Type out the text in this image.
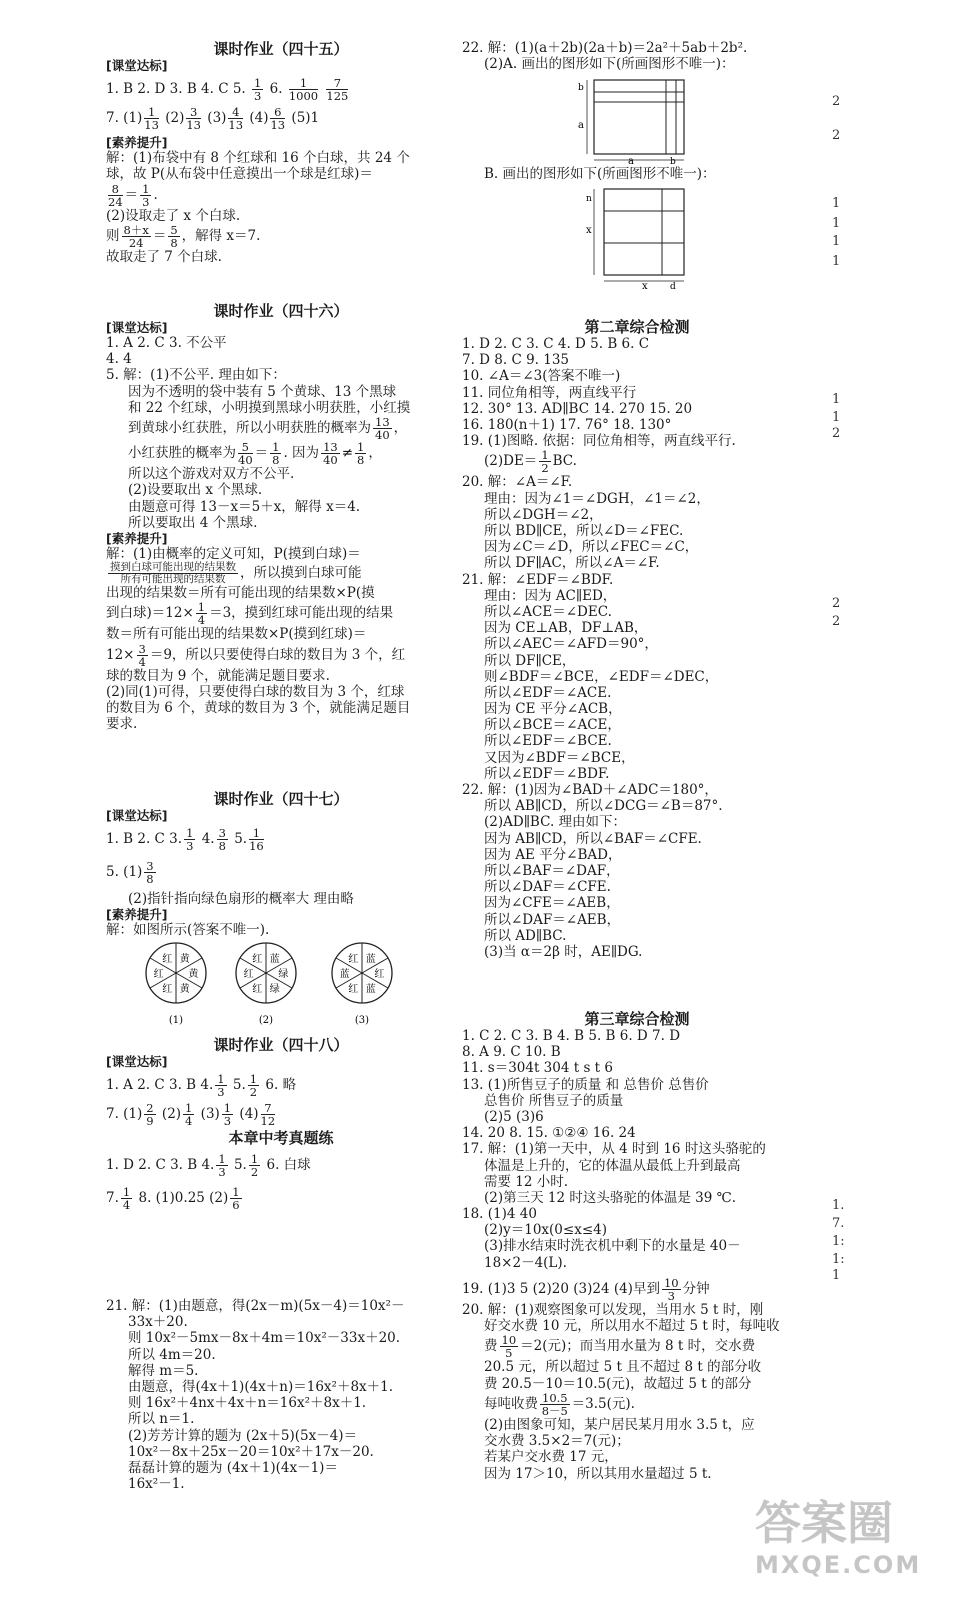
课时作业（四十五）

[课堂达标]

1. B 2. D 3. B 4. C 5. $\frac{1}{3} 6$. $\frac{1}{1000}$
$\frac{7}{125}$

7. $(1) \frac{1}{13} (2) \frac{3}{13} (3) \frac{4}{13} (4) \frac{6}{13} (5)1$

[素养提升]

解：(1)布袋中有 8 个红球和 16 个白球，共 24 个

球，故 P(从布袋中任意摸出一个球是红球)＝

$\frac{8}{24} = \frac{1}{3}$ .

(2)设取走了 x 个白球.

则 $\frac{8+x}{24} = \frac{5}{8}$ ，解得 x＝7.

故取走了 7 个白球.

课时作业（四十六）

[课堂达标]

1. A 2. C 3. 不公平

4. 4

5. 解：(1)不公平. 理由如下：

因为不透明的袋中装有 5 个黄球、13 个黑球

和 22 个红球，小明摸到黑球小明获胜，小红摸

到黄球小红获胜，所以小明获胜的概率为 $\frac{13}{40}$ ，

小红获胜的概率为 $\frac{5}{40} = \frac{1}{8}$ . 因为 $\frac{13}{40} \ne \frac{1}{8}$ ，

所以这个游戏对双方不公平.

(2)设要取出 x 个黑球.

由题意可得 13－x＝5＋x，解得 x＝4.

所以要取出 4 个黑球.

[素养提升]

解：(1)由概率的定义可知，P(摸到白球)＝

$\frac{\text{摸到白球可能出现的结果数}}{\text{所有可能出现的结果数}}$ ，所以摸到白球可能

出现的结果数＝所有可能出现的结果数×P(摸

到白球)$=12\times \frac{1}{4} =3$，摸到红球可能出现的结果

数＝所有可能出现的结果数×P(摸到红球)＝

$12\times \frac{3}{4} =9$，所以只要使得白球的数目为 3 个，红

球的数目为 9 个，就能满足题目要求.

(2)同(1)可得，只要使得白球的数目为 3 个，红球

的数目为 6 个，黄球的数目为 3 个，就能满足题目

要求.

课时作业（四十七）

[课堂达标]

1. B 2. C 3. $\frac{1}{3} 4$. $\frac{3}{8} 5$. $\frac{1}{16}$

5. $(1) \frac{3}{8}$

(2)指针指向绿色扇形的概率大 理由略

[素养提升]

解：如图所示(答案不唯一).

黄
黄
黄
红
红
红
(1)
蓝
绿
绿
红
红
红
(2)
蓝
红
蓝
红
蓝
红
(3)

课时作业（四十八）

[课堂达标]

1. A 2. C 3. B 4. $\frac{1}{3} 5$. $\frac{1}{2} 6$. 略

7. $(1) \frac{2}{9} (2) \frac{1}{4} (3) \frac{1}{3} (4) \frac{7}{12}$

本章中考真题练

1. D 2. C 3. B 4. $\frac{1}{3} 5$. $\frac{1}{2} 6$. 白球

7. $\frac{1}{4} 8$. (1)0.25 $(2) \frac{1}{6}$

21. 解：(1)由题意，得(2x－m)(5x－4)＝10x²－

33x＋20.

则 10x²－5mx－8x＋4m＝10x²－33x＋20.

所以 4m＝20.

解得 m＝5.

由题意，得(4x＋1)(4x＋n)＝16x²＋8x＋1.

则 16x²＋4nx＋4x＋n＝16x²＋8x＋1.

所以 n＝1.

(2)芳芳计算的题为 (2x＋5)(5x－4)＝

10x²－8x＋25x－20＝10x²＋17x－20.

磊磊计算的题为 (4x＋1)(4x－1)＝

16x²－1.

22. 解：(1)(a＋2b)(2a＋b)＝2a²＋5ab＋2b².

(2)A. 画出的图形如下(所画图形不唯一)：

a
b
a	b

B. 画出的图形如下(所画图形不唯一)：

x
n
x d

第二章综合检测

1. D 2. C 3. C 4. D 5. B 6. C

7. D 8. C 9. 135

10. ∠A＝∠3(答案不唯一)

11. 同位角相等，两直线平行

12. 30° 13. AD∥BC 14. 270 15. 20

16. 180(n＋1) 17. 76° 18. 130°

19. (1)图略. 依据：同位角相等，两直线平行.

$(2)DE= \frac{1}{2}$ BC.

20. 解：∠A＝∠F.

理由：因为∠1＝∠DGH，∠1＝∠2，

所以∠DGH＝∠2，

所以 BD∥CE，所以∠D＝∠FEC.

因为∠C＝∠D，所以∠FEC＝∠C，

所以 DF∥AC，所以∠A＝∠F.

21. 解：∠EDF＝∠BDF.

理由：因为 AC∥ED，

所以∠ACE＝∠DEC.

因为 CE⊥AB，DF⊥AB，

所以∠AEC＝∠AFD＝90°，

所以 DF∥CE，

则∠BDF＝∠BCE，∠EDF＝∠DEC，

所以∠EDF＝∠ACE.

因为 CE 平分∠ACB，

所以∠BCE＝∠ACE，

所以∠EDF＝∠BCE.

又因为∠BDF＝∠BCE，

所以∠EDF＝∠BDF.

22. 解：(1)因为∠BAD＋∠ADC＝180°，

所以 AB∥CD，所以∠DCG＝∠B＝87°.

(2)AD∥BC. 理由如下：

因为 AB∥CD，所以∠BAF＝∠CFE.

因为 AE 平分∠BAD，

所以∠BAF＝∠DAF，

所以∠DAF＝∠CFE.

因为∠CFE＝∠AEB，

所以∠DAF＝∠AEB，

所以 AD∥BC.

(3)当 α＝2β 时，AE∥DG.

第三章综合检测

1. C 2. C 3. B 4. B 5. B 6. D 7. D

8. A 9. C 10. B

11. s＝304t 304 t s t 6

13. (1)所售豆子的质量 和 总售价 总售价

总售价 所售豆子的质量

(2)5 (3)6

14. 20 8. 15. ①②④ 16. 24

17. 解：(1)第一天中，从 4 时到 16 时这头骆驼的

体温是上升的，它的体温从最低上升到最高

需要 12 小时.

(2)第三天 12 时这头骆驼的体温是 39 ℃.

18. (1)4 40

(2)y＝10x(0≤x≤4)

(3)排水结束时洗衣机中剩下的水量是 40－

18×2－4(L).

19. (1)3 5 (2)20 (3)24 (4)早到 $\frac{10}{3}$ 分钟

20. 解：(1)观察图象可以发现，当用水 5 t 时，刚

好交水费 10 元，所以用水不超过 5 t 时，每吨收

费 $\frac{10}{5} =2$(元)；而当用水量为 8 t 时，交水费

20.5 元，所以超过 5 t 且不超过 8 t 的部分收

费 20.5－10＝10.5(元)，故超过 5 t 的部分

每吨收费 $\frac{10.5}{8-5} =3.5$(元).

(2)由图象可知，某户居民某月用水 3.5 t，应

交水费 3.5×2＝7(元)；

若某户交水费 17 元，

因为 17＞10，所以其用水量超过 5 t.

2
2
1
1
1
1
2
2
1
1
2
1.
7.
1:
1:
1
答案圈
MXQE.COM
